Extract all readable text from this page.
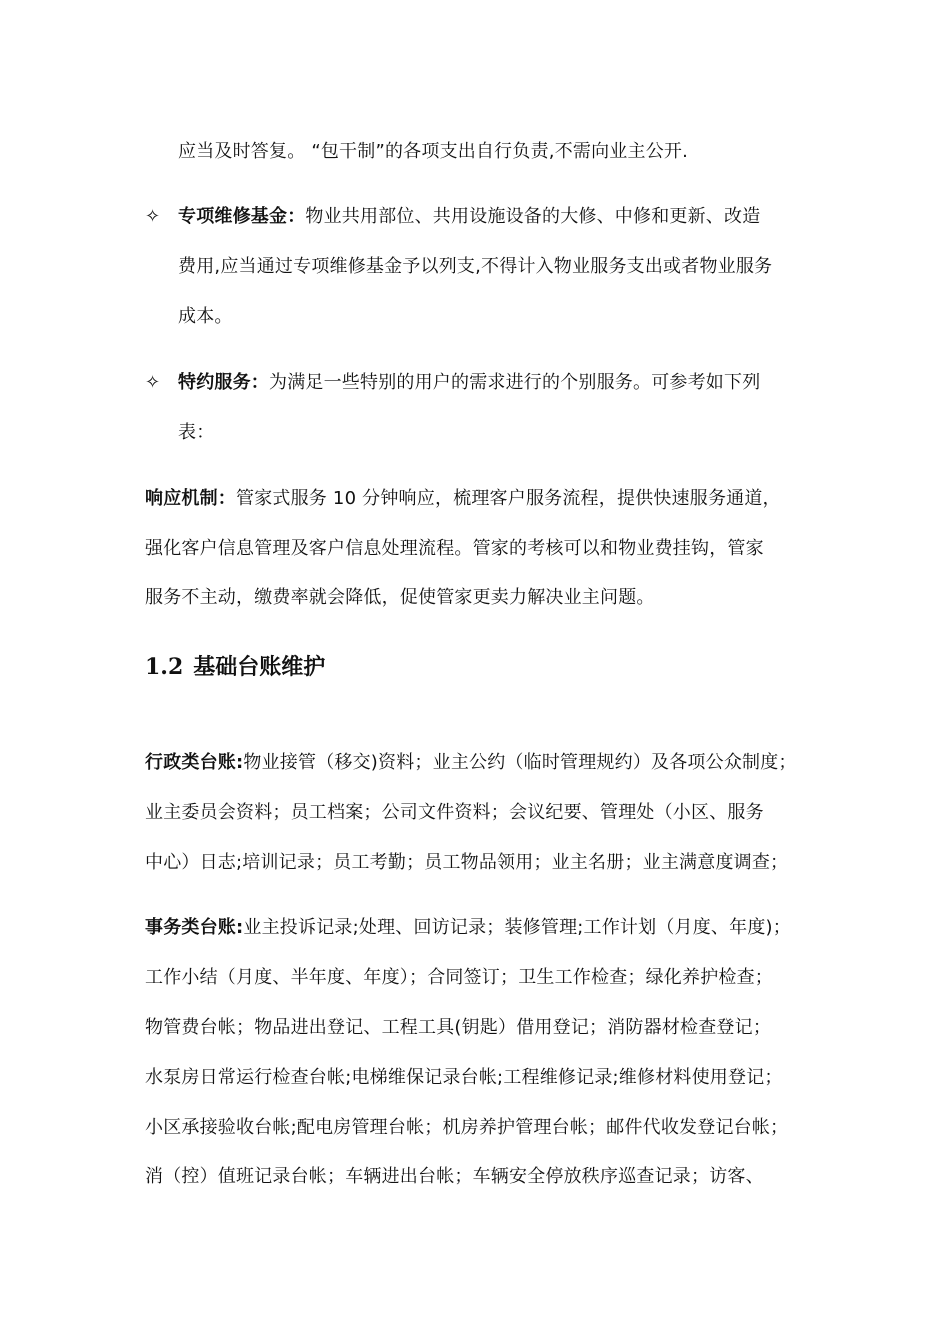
应当及时答复。 “包干制”的各项支出自行负责,不需向业主公开.
✧ 专项维修基金：物业共用部位、共用设施设备的大修、中修和更新、改造
费用,应当通过专项维修基金予以列支,不得计入物业服务支出或者物业服务
成本。
✧ 特约服务：为满足一些特别的用户的需求进行的个别服务。可参考如下列
表：
响应机制：管家式服务 10 分钟响应，梳理客户服务流程，提供快速服务通道，
强化客户信息管理及客户信息处理流程。管家的考核可以和物业费挂钩，管家
服务不主动，缴费率就会降低，促使管家更卖力解决业主问题。
1.2 基础台账维护
行政类台账:物业接管（移交)资料；业主公约（临时管理规约）及各项公众制度；
业主委员会资料；员工档案；公司文件资料；会议纪要、管理处（小区、服务
中心）日志;培训记录；员工考勤；员工物品领用；业主名册；业主满意度调查；
事务类台账:业主投诉记录;处理、回访记录；装修管理;工作计划（月度、年度)；
工作小结（月度、半年度、年度）；合同签订；卫生工作检查；绿化养护检查；
物管费台帐；物品进出登记、工程工具(钥匙）借用登记；消防器材检查登记；
水泵房日常运行检查台帐;电梯维保记录台帐;工程维修记录;维修材料使用登记；
小区承接验收台帐;配电房管理台帐；机房养护管理台帐；邮件代收发登记台帐；
消（控）值班记录台帐；车辆进出台帐；车辆安全停放秩序巡查记录；访客、
